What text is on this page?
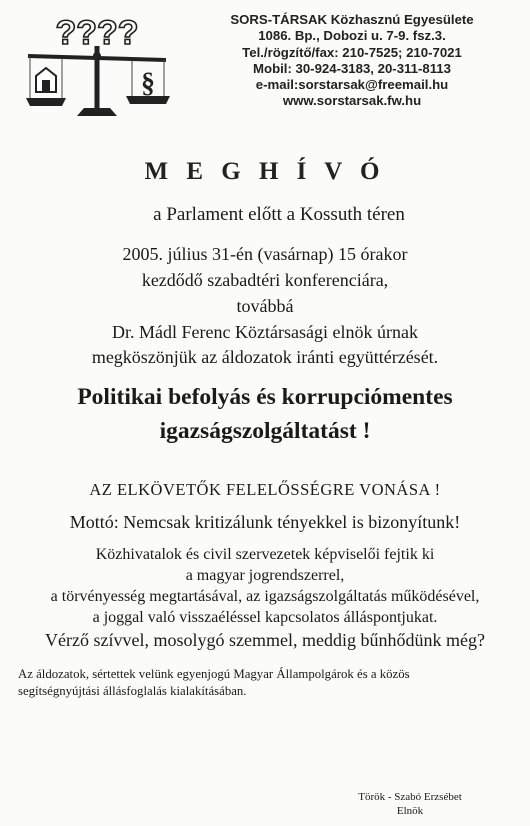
????
§
SORS-TÁRSAK Közhasznú Egyesülete
1086. Bp., Dobozi u. 7-9. fsz.3.
Tel./rögzítő/fax: 210-7525; 210-7021
Mobil: 30-924-3183, 20-311-8113
e-mail:sorstarsak@freemail.hu
www.sorstarsak.fw.hu
M E G H Í V Ó
a Parlament előtt a Kossuth téren
2005. július 31-én (vasárnap) 15 órakor
kezdődő szabadtéri konferenciára,
továbbá
Dr. Mádl Ferenc Köztársasági elnök úrnak
megköszönjük az áldozatok iránti együttérzését.
Politikai befolyás és korrupciómentes
igazságszolgáltatást !
AZ ELKÖVETŐK FELELŐSSÉGRE VONÁSA !
Mottó: Nemcsak kritizálunk tényekkel is bizonyítunk!
Közhivatalok és civil szervezetek képviselői fejtik ki
a magyar jogrendszerrel,
a törvényesség megtartásával, az igazságszolgáltatás működésével,
a joggal való visszaéléssel kapcsolatos álláspontjukat.
Vérző szívvel, mosolygó szemmel, meddig bűnhődünk még?
Az áldozatok, sértettek velünk egyenjogú Magyar Állampolgárok és a közös
segítségnyújtási állásfoglalás kialakításában.
Török - Szabó Erzsébet
Elnök
